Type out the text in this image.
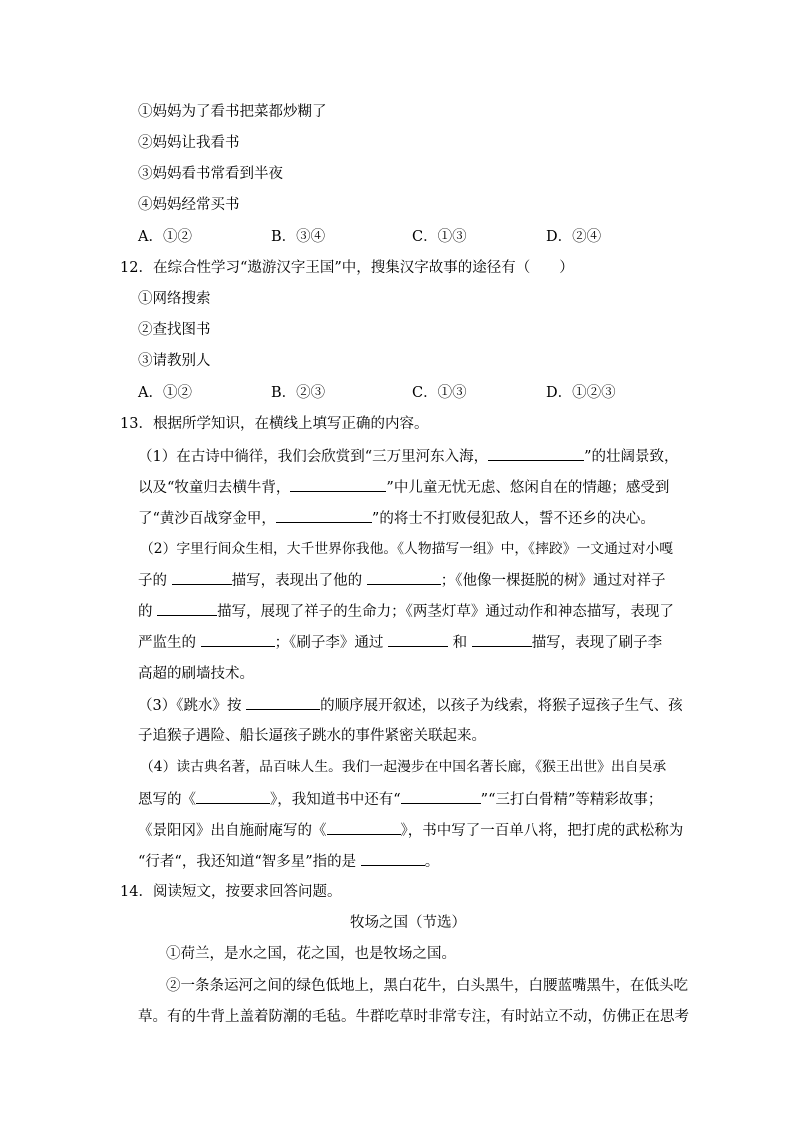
①妈妈为了看书把菜都炒糊了
②妈妈让我看书
③妈妈看书常看到半夜
④妈妈经常买书
A．①②	B．③④	C．①③	D．②④
12．在综合性学习“遨游汉字王国”中，搜集汉字故事的途径有（　　）
①网络搜索
②查找图书
③请教别人
A．①②	B．②③	C．①③	D．①②③
13．根据所学知识，在横线上填写正确的内容。
（1）在古诗中徜徉，我们会欣赏到“三万里河东入海，	”的壮阔景致，
以及“牧童归去横牛背，	”中儿童无忧无虑、悠闲自在的情趣；感受到
了“黄沙百战穿金甲，	”的将士不打败侵犯敌人，誓不还乡的决心。
（2）字里行间众生相，大千世界你我他。《人物描写一组》中，《摔跤》一文通过对小嘎
子的	描写，表现出了他的	；《他像一棵挺脱的树》通过对祥子
的	描写，展现了祥子的生命力；《两茎灯草》通过动作和神态描写，表现了
严监生的	；《刷子李》通过	和	描写，表现了刷子李
高超的刷墙技术。
（3）《跳水》按	的顺序展开叙述，以孩子为线索，将猴子逗孩子生气、孩
子追猴子遇险、船长逼孩子跳水的事件紧密关联起来。
（4）读古典名著，品百味人生。我们一起漫步在中国名著长廊，《猴王出世》出自吴承
恩写的《	》，我知道书中还有“	”“三打白骨精”等精彩故事；
《景阳冈》出自施耐庵写的《	》，书中写了一百单八将，把打虎的武松称为
“行者“，我还知道“智多星”指的是	。
14．阅读短文，按要求回答问题。
牧场之国（节选）
①荷兰，是水之国，花之国，也是牧场之国。
②一条条运河之间的绿色低地上，黑白花牛，白头黑牛，白腰蓝嘴黑牛，在低头吃
草。有的牛背上盖着防潮的毛毡。牛群吃草时非常专注，有时站立不动，仿佛正在思考
